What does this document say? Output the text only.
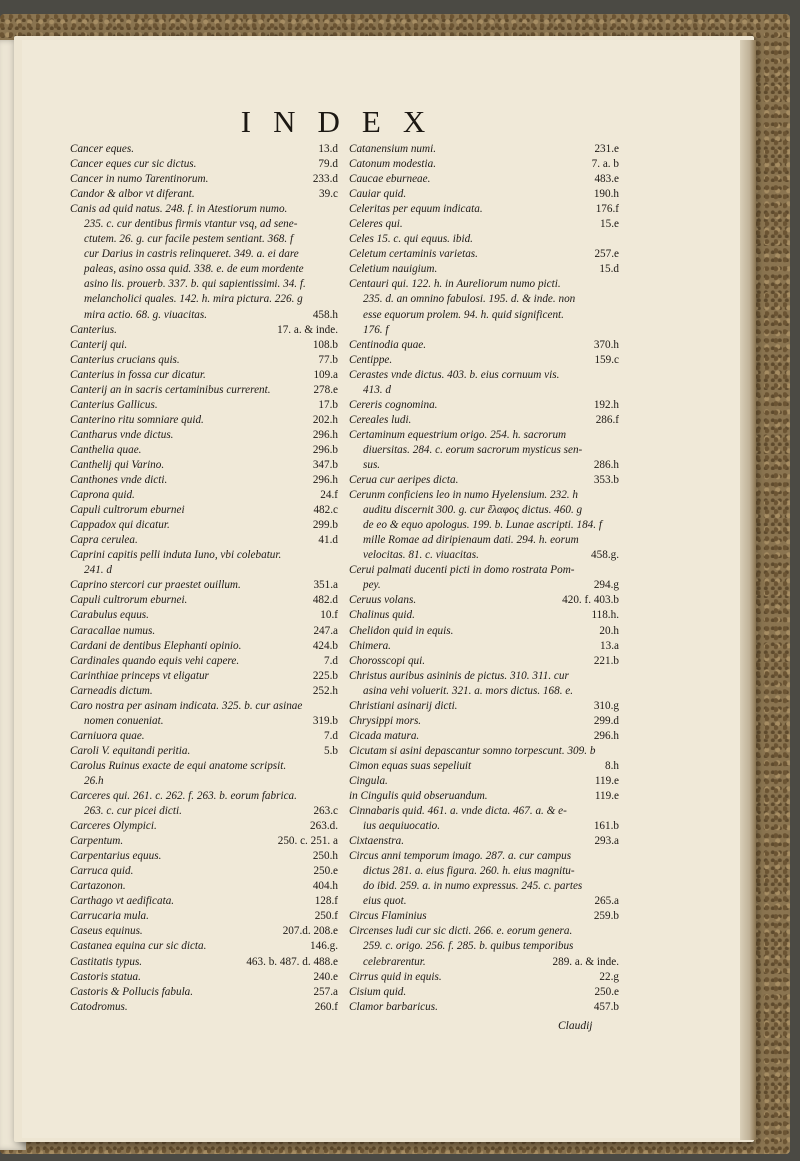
INDEX
Cancer eques.	13.d
Cancer eques cur sic dictus.	79.d
Cancer in numo Tarentinorum.	233.d
Candor & albor vt diferant.	39.c
Canis ad quid natus. 248. f. in Atestiorum numo.
235. c. cur dentibus firmis vtantur vsq, ad sene-
ctutem. 26. g. cur facile pestem sentiant. 368. f
cur Darius in castris relinqueret. 349. a. ei dare
paleas, asino ossa quid. 338. e. de eum mordente
asino lis. prouerb. 337. b. qui sapientissimi. 34. f.
melancholici quales. 142. h. mira pictura. 226. g
mira actio. 68. g. viuacitas.	458.h
Canterius.	17. a. & inde.
Canterij qui.	108.b
Canterius crucians quis.	77.b
Canterius in fossa cur dicatur.	109.a
Canterij an in sacris certaminibus currerent.	278.e
Canterius Gallicus.	17.b
Canterino ritu somniare quid.	202.h
Cantharus vnde dictus.	296.h
Canthelia quae.	296.b
Canthelij qui Varino.	347.b
Canthones vnde dicti.	296.h
Caprona quid.	24.f
Capuli cultrorum eburnei	482.c
Cappadox qui dicatur.	299.b
Capra cerulea.	41.d
Caprini capitis pelli induta Iuno, vbi colebatur.
241. d
Caprino stercori cur praestet ouillum.	351.a
Capuli cultrorum eburnei.	482.d
Carabulus equus.	10.f
Caracallae numus.	247.a
Cardani de dentibus Elephanti opinio.	424.b
Cardinales quando equis vehi capere.	7.d
Carinthiae princeps vt eligatur	225.b
Carneadis dictum.	252.h
Caro nostra per asinam indicata. 325. b. cur asinae
nomen conueniat.	319.b
Carniuora quae.	7.d
Caroli V. equitandi peritia.	5.b
Carolus Ruinus exacte de equi anatome scripsit.
26.h
Carceres qui. 261. c. 262. f. 263. b. eorum fabrica.
263. c. cur picei dicti.	263.c
Carceres Olympici.	263.d.
Carpentum.	250. c. 251. a
Carpentarius equus.	250.h
Carruca quid.	250.e
Cartazonon.	404.h
Carthago vt aedificata.	128.f
Carrucaria mula.	250.f
Caseus equinus.	207.d. 208.e
Castanea equina cur sic dicta.	146.g.
Castitatis typus.	463. b. 487. d. 488.e
Castoris statua.	240.e
Castoris & Pollucis fabula.	257.a
Catodromus.	260.f
Catanensium numi.	231.e
Catonum modestia.	7. a. b
Caucae eburneae.	483.e
Cauiar quid.	190.h
Celeritas per equum indicata.	176.f
Celeres qui.	15.e
Celes 15. c. qui equus. ibid.
Celetum certaminis varietas.	257.e
Celetium nauigium.	15.d
Centauri qui. 122. h. in Aureliorum numo picti.
235. d. an omnino fabulosi. 195. d. & inde. non
esse equorum prolem. 94. h. quid significent.
176. f
Centinodia quae.	370.h
Centippe.	159.c
Cerastes vnde dictus. 403. b. eius cornuum vis.
413. d
Cereris cognomina.	192.h
Cereales ludi.	286.f
Certaminum equestrium origo. 254. h. sacrorum
diuersitas. 284. c. eorum sacrorum mysticus sen-
sus.	286.h
Cerua cur aeripes dicta.	353.b
Cerunm conficiens leo in numo Hyelensium. 232. h
auditu discernit 300. g. cur ἔλαφος dictus. 460. g
de eo & equo apologus. 199. b. Lunae ascripti. 184. f
mille Romae ad diripienaum dati. 294. h. eorum
velocitas. 81. c. viuacitas.	458.g.
Cerui palmati ducenti picti in domo rostrata Pom-
pey.	294.g
Ceruus volans.	420. f. 403.b
Chalinus quid.	118.h.
Chelidon quid in equis.	20.h
Chimera.	13.a
Chorosscopi qui.	221.b
Christus auribus asininis de pictus. 310. 311. cur
asina vehi voluerit. 321. a. mors dictus. 168. e.
Christiani asinarij dicti.	310.g
Chrysippi mors.	299.d
Cicada matura.	296.h
Cicutam si asini depascantur somno torpescunt. 309. b
Cimon equas suas sepeliuit	8.h
Cingula.	119.e
in Cingulis quid obseruandum.	119.e
Cinnabaris quid. 461. a. vnde dicta. 467. a. & e-
ius aequiuocatio.	161.b
Cixtaenstra.	293.a
Circus anni temporum imago. 287. a. cur campus
dictus 281. a. eius figura. 260. h. eius magnitu-
do ibid. 259. a. in numo expressus. 245. c. partes
eius quot.	265.a
Circus Flaminius	259.b
Circenses ludi cur sic dicti. 266. e. eorum genera.
259. c. origo. 256. f. 285. b. quibus temporibus
celebrarentur.	289. a. & inde.
Cirrus quid in equis.	22.g
Cisium quid.	250.e
Clamor barbaricus.	457.b
Claudij
